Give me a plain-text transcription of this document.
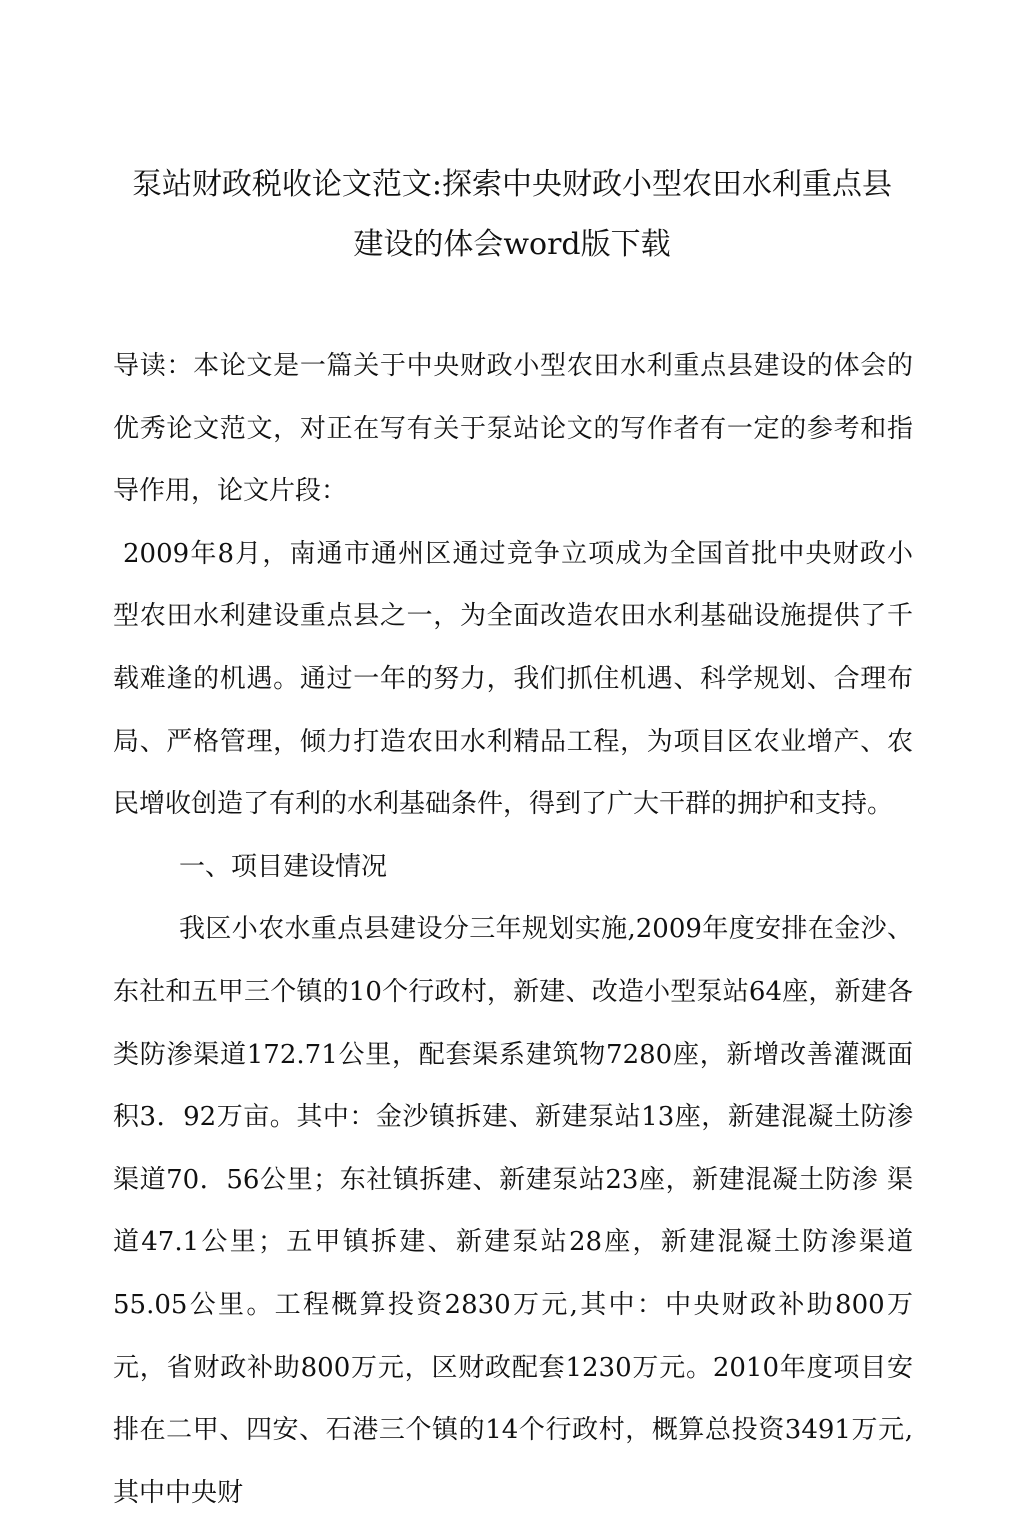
泵站财政税收论文范文:探索中央财政小型农田水利重点县
建设的体会word版下载

导读：本论文是一篇关于中央财政小型农田水利重点县建设的体会的优秀论文范文，对正在写有关于泵站论文的写作者有一定的参考和指 导作用，论文片段：

2009年8月，南通市通州区通过竞争立项成为全国首批中央财政小 型农田水利建设重点县之一，为全面改造农田水利基础设施提供了千 载难逢的机遇。通过一年的努力，我们抓住机遇、科学规划、合理布 局、严格管理，倾力打造农田水利精品工程，为项目区农业增产、农 民增收创造了有利的水利基础条件，得到了广大干群的拥护和支持。

一、项目建设情况

我区小农水重点县建设分三年规划实施,2009年度安排在金沙、东社和五甲三个镇的10个行政村，新建、改造小型泵站64座，新建各类防渗渠道172.71公里，配套渠系建筑物7280座，新增改善灌溉面积3．92万亩。其中：金沙镇拆建、新建泵站13座，新建混凝土防渗渠道70．56公里；东社镇拆建、新建泵站23座，新建混凝土防渗 渠道47.1公里；五甲镇拆建、新建泵站28座，新建混凝土防渗渠道 55.05公里。工程概算投资2830万元,其中：中央财政补助800万 元，省财政补助800万元，区财政配套1230万元。2010年度项目安 排在二甲、四安、石港三个镇的14个行政村，概算总投资3491万元, 其中中央财
